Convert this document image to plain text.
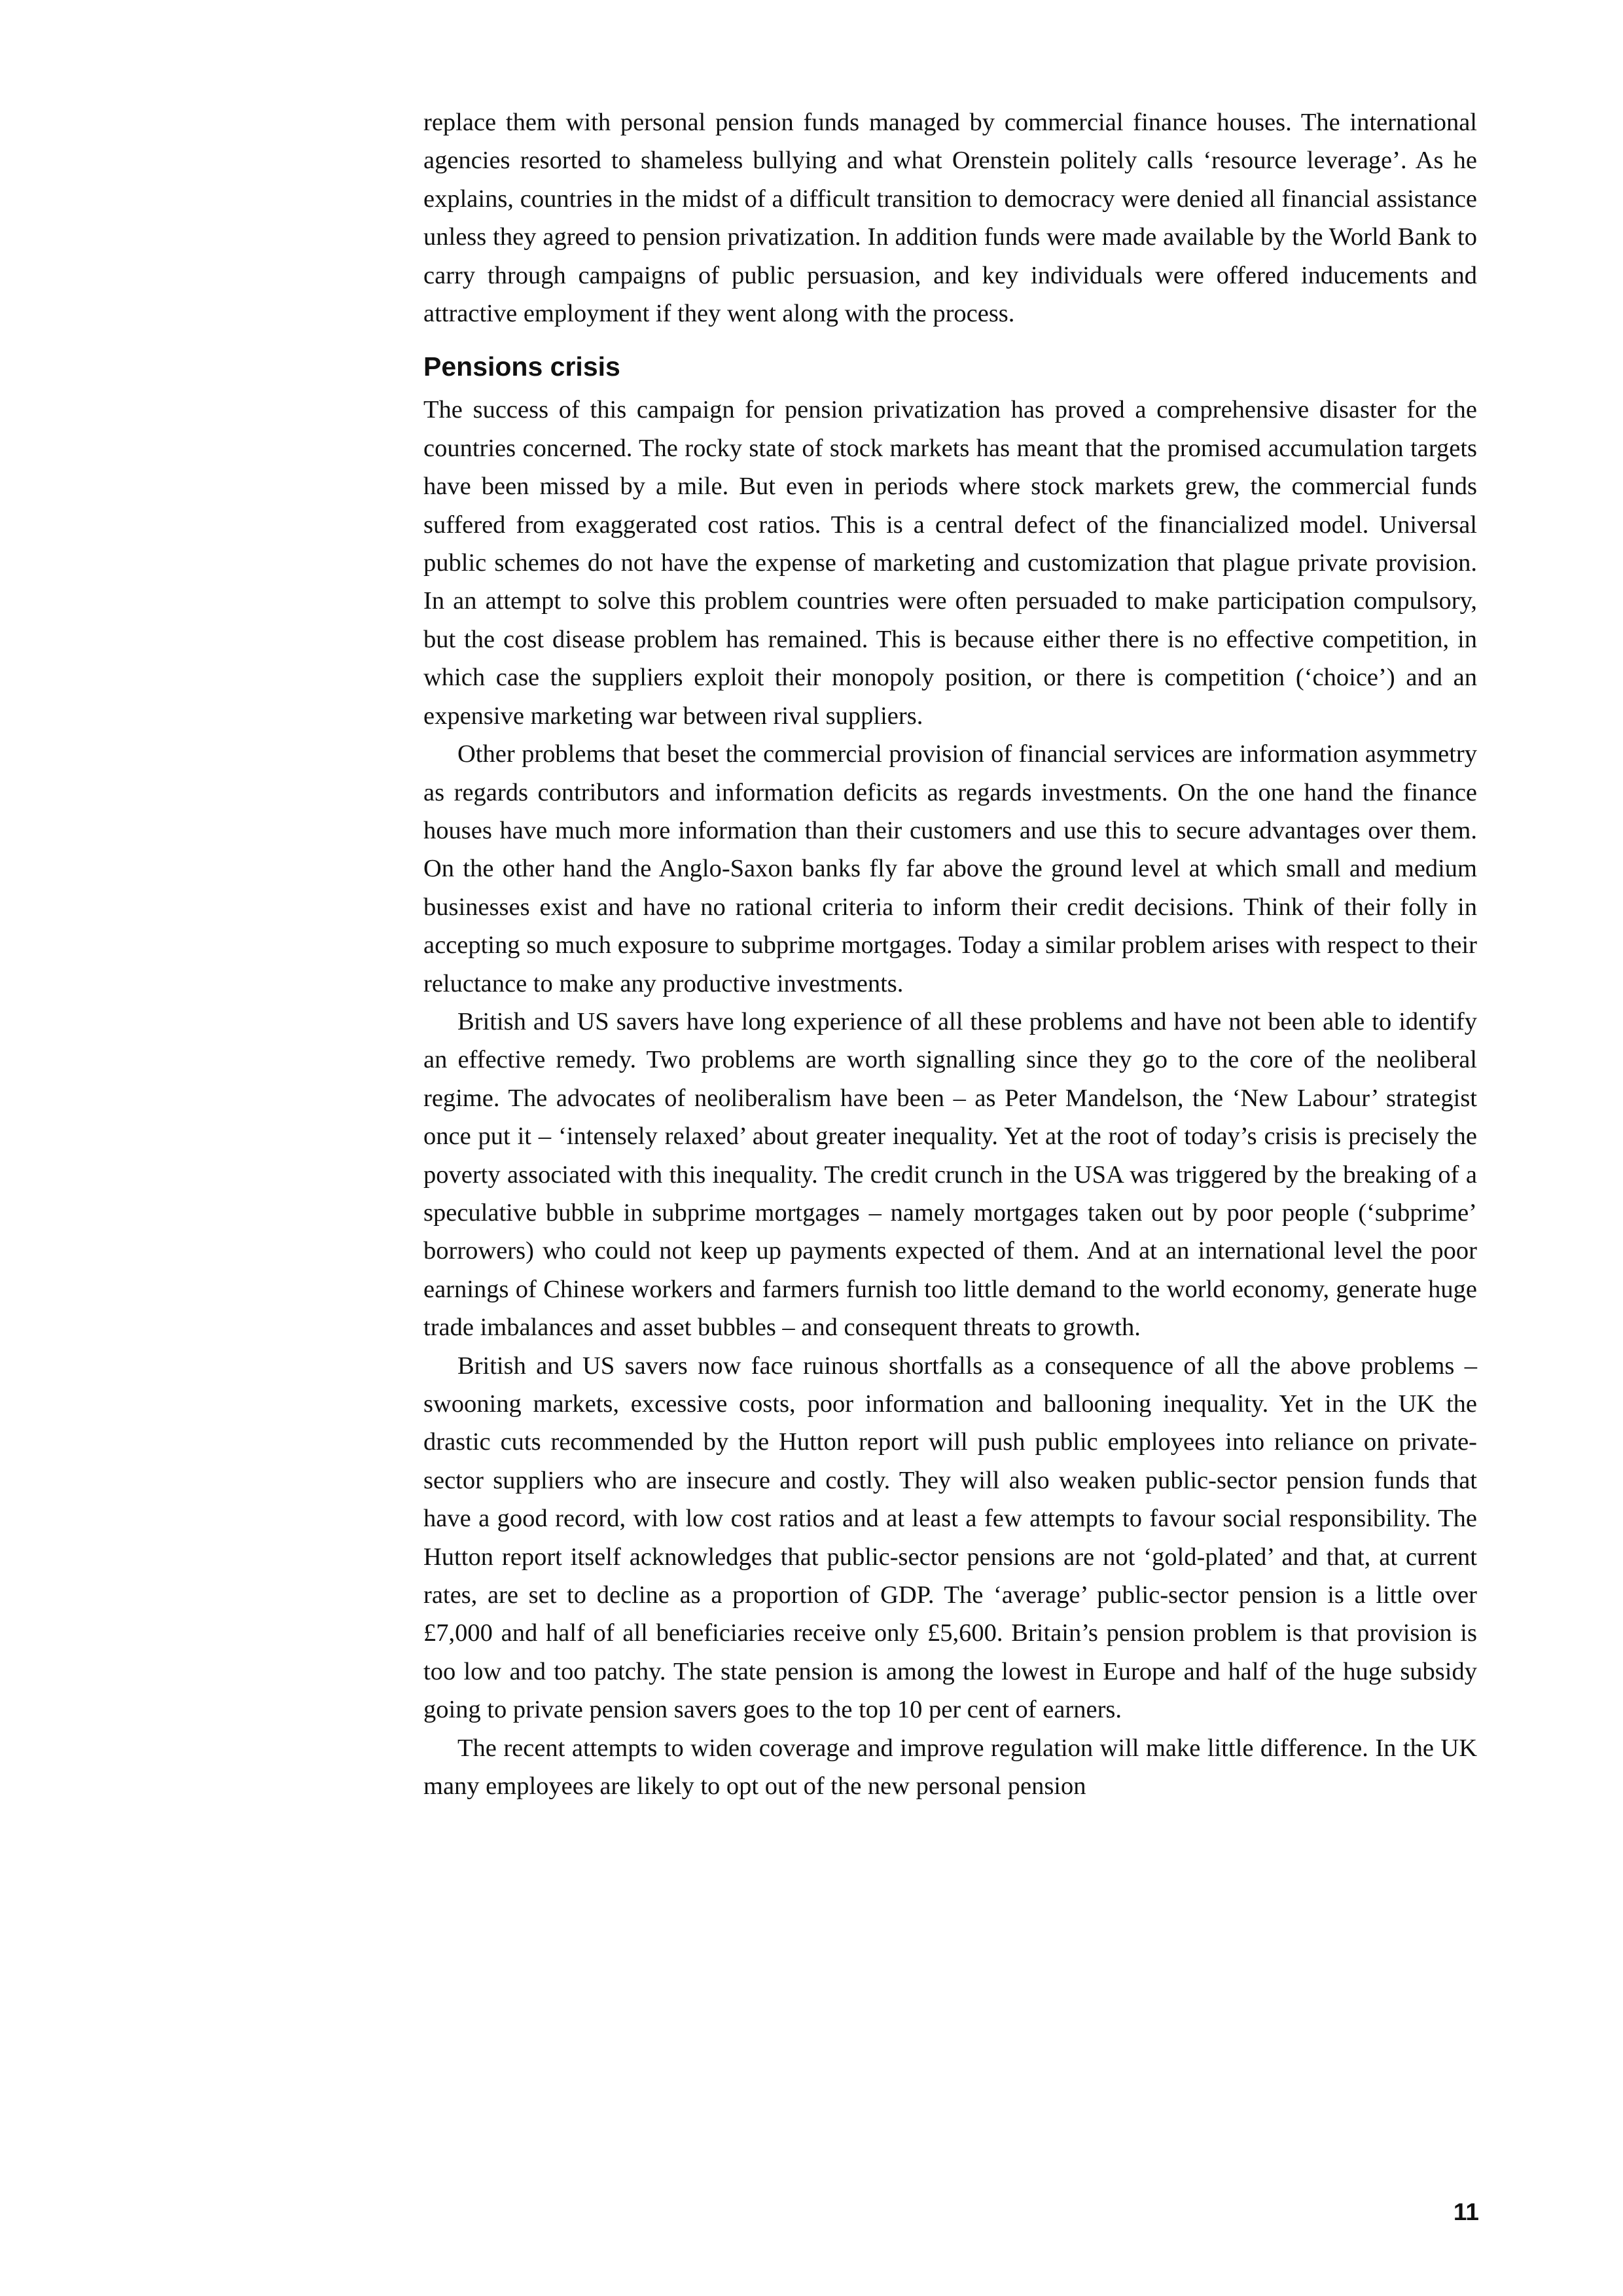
replace them with personal pension funds managed by commercial finance houses. The international agencies resorted to shameless bullying and what Orenstein politely calls ‘resource leverage’. As he explains, countries in the midst of a difficult transition to democracy were denied all financial assistance unless they agreed to pension privatization. In addition funds were made available by the World Bank to carry through campaigns of public persuasion, and key individuals were offered inducements and attractive employment if they went along with the process.

Pensions crisis

The success of this campaign for pension privatization has proved a comprehensive disaster for the countries concerned. The rocky state of stock markets has meant that the promised accumulation targets have been missed by a mile. But even in periods where stock markets grew, the commercial funds suffered from exaggerated cost ratios. This is a central defect of the financialized model. Universal public schemes do not have the expense of marketing and customization that plague private provision. In an attempt to solve this problem countries were often persuaded to make participation compulsory, but the cost disease problem has remained. This is because either there is no effective competition, in which case the suppliers exploit their monopoly position, or there is competition (‘choice’) and an expensive marketing war between rival suppliers.

Other problems that beset the commercial provision of financial services are information asymmetry as regards contributors and information deficits as regards investments. On the one hand the finance houses have much more information than their customers and use this to secure advantages over them. On the other hand the Anglo-Saxon banks fly far above the ground level at which small and medium businesses exist and have no rational criteria to inform their credit decisions. Think of their folly in accepting so much exposure to subprime mortgages. Today a similar problem arises with respect to their reluctance to make any productive investments.

British and US savers have long experience of all these problems and have not been able to identify an effective remedy. Two problems are worth signalling since they go to the core of the neoliberal regime. The advocates of neoliberalism have been – as Peter Mandelson, the ‘New Labour’ strategist once put it – ‘intensely relaxed’ about greater inequality. Yet at the root of today’s crisis is precisely the poverty associated with this inequality. The credit crunch in the USA was triggered by the breaking of a speculative bubble in subprime mortgages – namely mortgages taken out by poor people (‘subprime’ borrowers) who could not keep up payments expected of them. And at an international level the poor earnings of Chinese workers and farmers furnish too little demand to the world economy, generate huge trade imbalances and asset bubbles – and consequent threats to growth.

British and US savers now face ruinous shortfalls as a consequence of all the above problems – swooning markets, excessive costs, poor information and ballooning inequality. Yet in the UK the drastic cuts recommended by the Hutton report will push public employees into reliance on private-sector suppliers who are insecure and costly. They will also weaken public-sector pension funds that have a good record, with low cost ratios and at least a few attempts to favour social responsibility. The Hutton report itself acknowledges that public-sector pensions are not ‘gold-plated’ and that, at current rates, are set to decline as a proportion of GDP. The ‘average’ public-sector pension is a little over £7,000 and half of all beneficiaries receive only £5,600. Britain’s pension problem is that provision is too low and too patchy. The state pension is among the lowest in Europe and half of the huge subsidy going to private pension savers goes to the top 10 per cent of earners.

The recent attempts to widen coverage and improve regulation will make little difference. In the UK many employees are likely to opt out of the new personal pension

11
